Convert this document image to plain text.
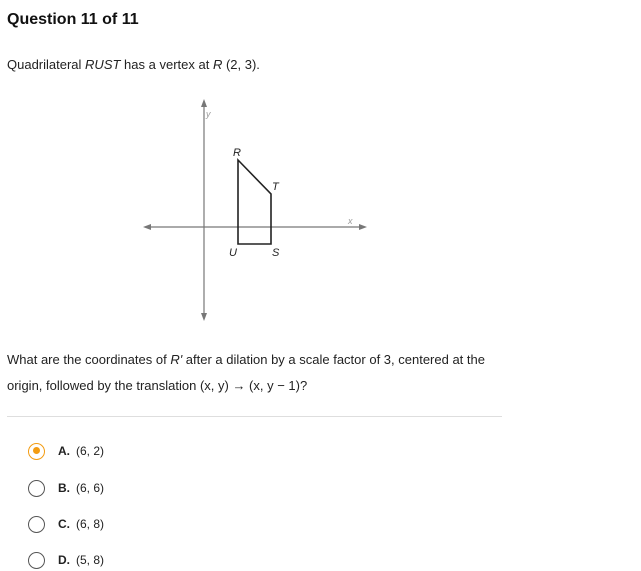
Question 11 of 11
Quadrilateral RUST has a vertex at R (2, 3).
x
y
R
T
U	S
What are the coordinates of R' after a dilation by a scale factor of 3, centered at the origin, followed by the translation (x, y) → (x, y − 1)?
A. (6, 2)
B. (6, 6)
C. (6, 8)
D. (5, 8)
